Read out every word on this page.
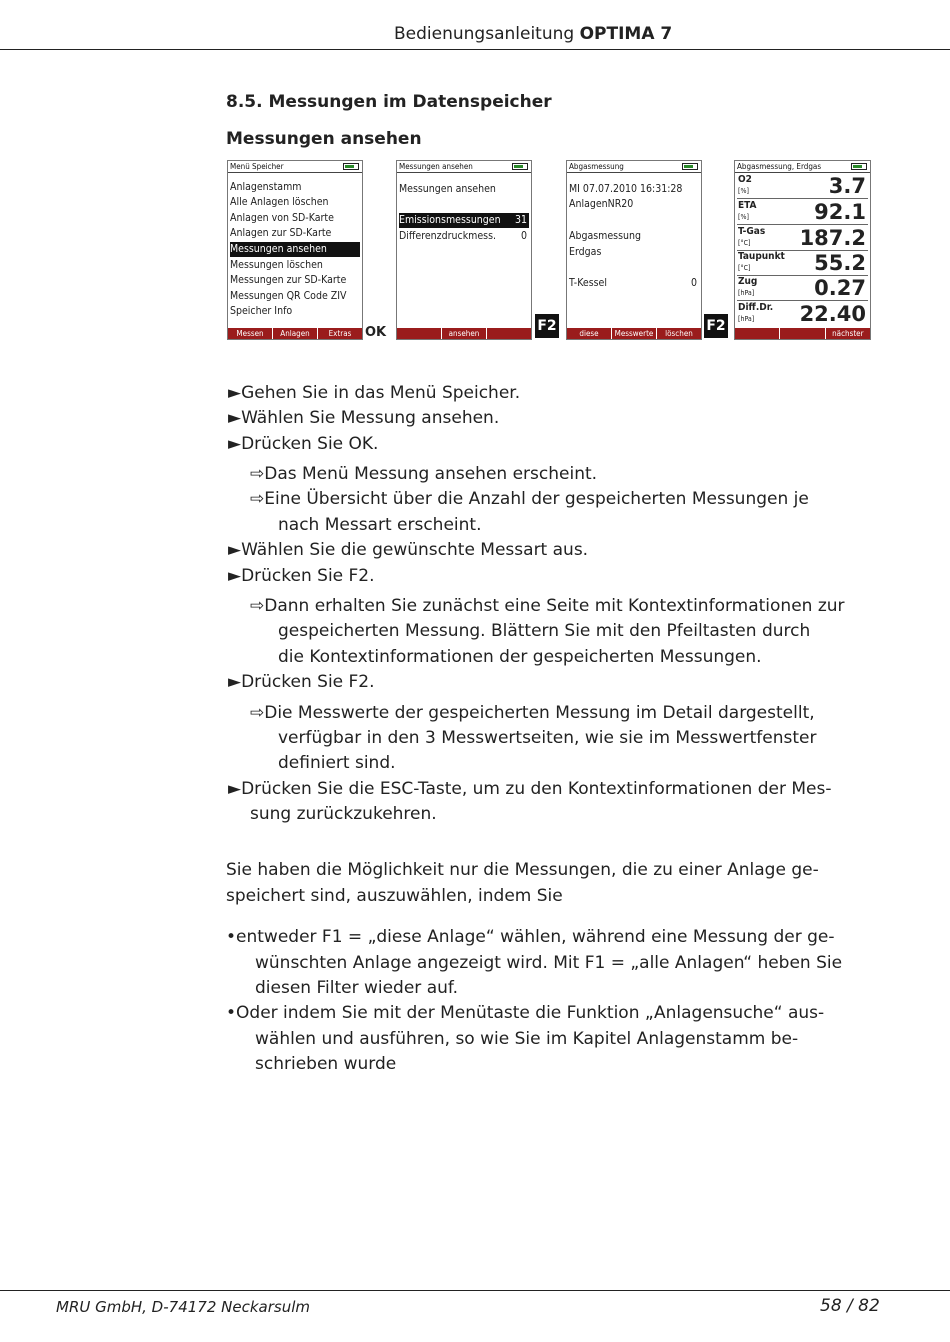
Bedienungsanleitung OPTIMA 7
8.5. Messungen im Datenspeicher
Messungen ansehen
Menü Speicher
Anlagenstamm
Alle Anlagen löschen
Anlagen von SD-Karte
Anlagen zur SD-Karte
Messungen ansehen
Messungen löschen
Messungen zur SD-Karte
Messungen QR Code ZIV
Speicher Info
Messen	Anlagen	Extras	OK
Messungen ansehen
Messungen ansehen
Emissionsmessungen 31
Differenzdruckmess. 0
ansehen	F2
Abgasmessung
MI 07.07.2010 16:31:28
AnlagenNR20
Abgasmessung
Erdgas
T-Kessel	0
diese Anlage
Messwerte	löschen F2
Abgasmessung, Erdgas
O2
[%]	3.7
ETA
[%]	92.1
T-Gas
[°C] 187.2
Taupunkt
[°C]	55.2
Zug
[hPa]	0.27
Diff.Dr.
[hPa] 22.40
nächster
►Gehen Sie in das Menü Speicher.
►Wählen Sie Messung ansehen.
►Drücken Sie OK.
⇨Das Menü Messung ansehen erscheint.
⇨Eine Übersicht über die Anzahl der gespeicherten Messungen je
nach Messart erscheint.
►Wählen Sie die gewünschte Messart aus.
►Drücken Sie F2.
⇨Dann erhalten Sie zunächst eine Seite mit Kontextinformationen zur
gespeicherten Messung. Blättern Sie mit den Pfeiltasten durch
die Kontextinformationen der gespeicherten Messungen.
►Drücken Sie F2.
⇨Die Messwerte der gespeicherten Messung im Detail dargestellt,
verfügbar in den 3 Messwertseiten, wie sie im Messwertfenster
definiert sind.
►Drücken Sie die ESC-Taste, um zu den Kontextinformationen der Mes-
sung zurückzukehren.
Sie haben die Möglichkeit nur die Messungen, die zu einer Anlage ge-
speichert sind, auszuwählen, indem Sie
•entweder F1 = „diese Anlage“ wählen, während eine Messung der ge-
wünschten Anlage angezeigt wird. Mit F1 = „alle Anlagen“ heben Sie
diesen Filter wieder auf.
•Oder indem Sie mit der Menütaste die Funktion „Anlagensuche“ aus-
wählen und ausführen, so wie Sie im Kapitel Anlagenstamm be-
schrieben wurde
MRU GmbH, D-74172 Neckarsulm	58 / 82
